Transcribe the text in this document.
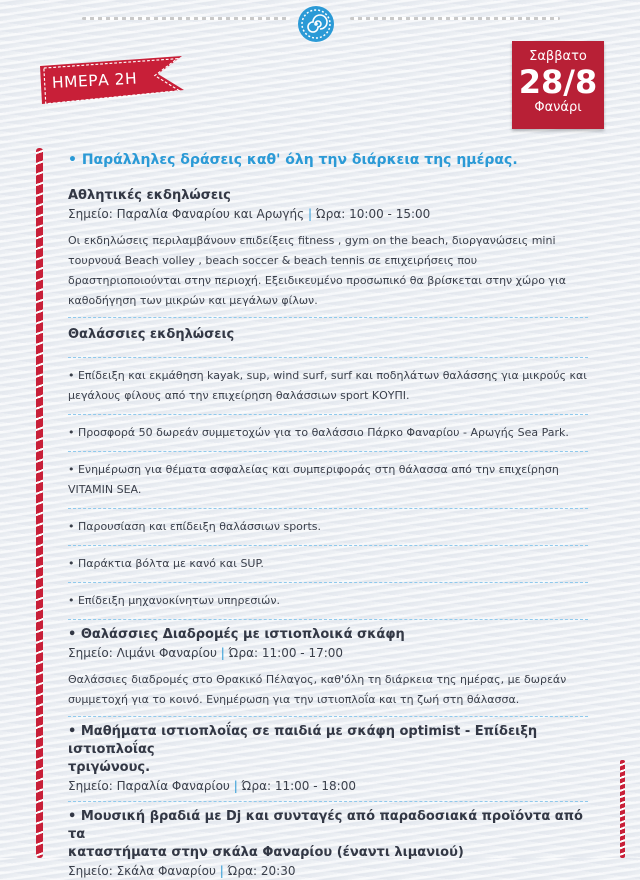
ΗΜΕΡΑ 2Η
Σαββατο
28/8
Φανάρι

• Παράλληλες δράσεις καθ' όλη την διάρκεια της ημέρας.

Αθλητικές εκδηλώσεις

Σημείο: Παραλία Φαναρίου και Αρωγής | Ώρα: 10:00 - 15:00

Οι εκδηλώσεις περιλαμβάνουν επιδείξεις fitness , gym on the beach, διοργανώσεις mini

τουρνουά Beach volley , beach soccer & beach tennis σε επιχειρήσεις που

δραστηριοποιούνται στην περιοχή. Εξειδικευμένο προσωπικό θα βρίσκεται στην χώρο για

καθοδήγηση των μικρών και μεγάλων φίλων.

Θαλάσσιες εκδηλώσεις

• Επίδειξη και εκμάθηση kayak, sup, wind surf, surf και ποδηλάτων θαλάσσης για μικρούς και

μεγάλους φίλους από την επιχείρηση θαλάσσιων sport ΚΟΥΠΙ.

• Προσφορά 50 δωρεάν συμμετοχών για το θαλάσσιο Πάρκο Φαναρίου - Αρωγής Sea Park.

• Ενημέρωση για θέματα ασφαλείας και συμπεριφοράς στη θάλασσα από την επιχείρηση

VITAMIN SEA.

• Παρουσίαση και επίδειξη θαλάσσιων sports.

• Παράκτια βόλτα με κανό και SUP.

• Επίδειξη μηχανοκίνητων υπηρεσιών.

• Θαλάσσιες Διαδρομές με ιστιοπλοικά σκάφη

Σημείο: Λιμάνι Φαναρίου | Ώρα: 11:00 - 17:00

Θαλάσσιες διαδρομές στο Θρακικό Πέλαγος, καθ'όλη τη διάρκεια της ημέρας, με δωρεάν

συμμετοχή για το κοινό. Ενημέρωση για την ιστιοπλοΐα και τη ζωή στη θάλασσα.

• Μαθήματα ιστιοπλοΐας σε παιδιά με σκάφη optimist - Επίδειξη ιστιοπλοΐας

τριγώνους.

Σημείο: Παραλία Φαναρίου | Ώρα: 11:00 - 18:00

• Μουσική βραδιά με Dj και συνταγές από παραδοσιακά προϊόντα από τα

καταστήματα στην σκάλα Φαναρίου (έναντι λιμανιού)

Σημείο: Σκάλα Φαναρίου | Ώρα: 20:30
